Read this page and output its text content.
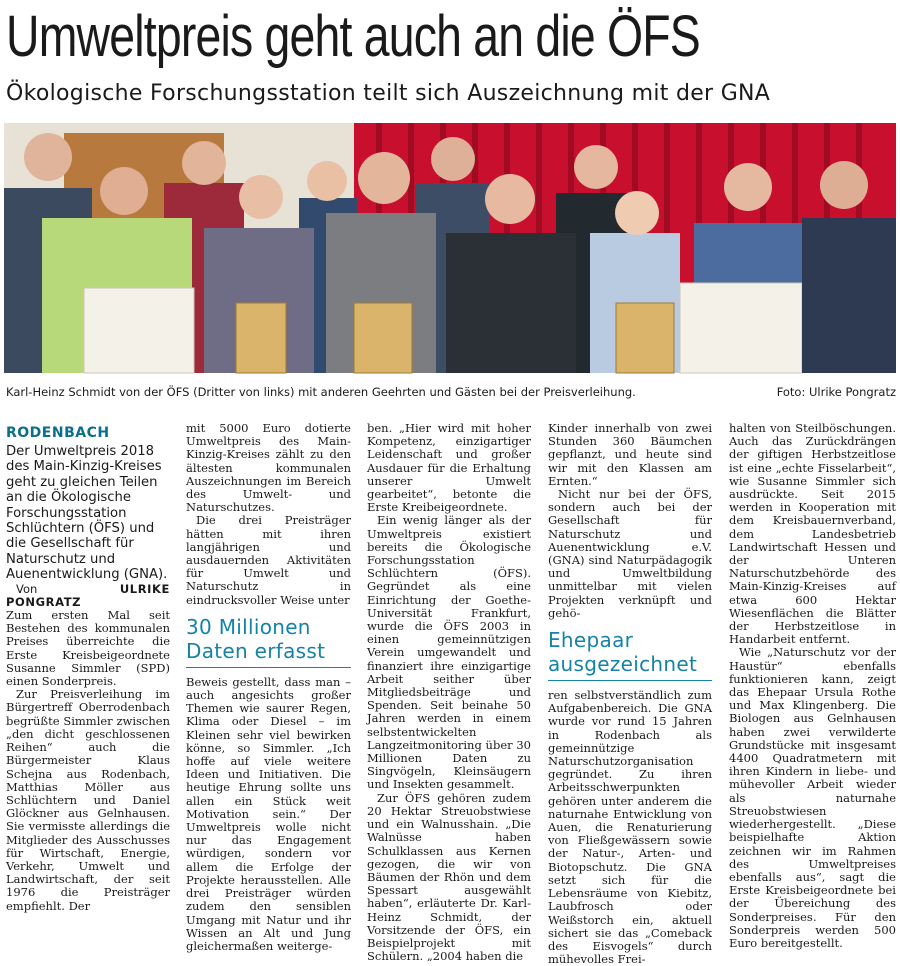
Umweltpreis geht auch an die ÖFS
Ökologische Forschungsstation teilt sich Auszeichnung mit der GNA
Karl-Heinz Schmidt von der ÖFS (Dritter von links) mit anderen Geehrten und Gästen bei der Preisverleihung.	Foto: Ulrike Pongratz
RODENBACH

Der Umweltpreis 2018 des Main-Kinzig-Kreises geht zu gleichen Teilen an die Ökologische Forschungsstation Schlüchtern (ÖFS) und die Gesellschaft für Naturschutz und Auenentwicklung (GNA).

Von	ULRIKE PONGRATZ

Zum ersten Mal seit Bestehen des kommunalen Preises überreichte die Erste Kreisbeigeordnete Susanne Simmler (SPD) einen Sonderpreis.

Zur Preisverleihung im Bürgertreff Oberrodenbach begrüßte Simmler zwischen „den dicht geschlossenen Reihen“ auch die Bürgermeister Klaus Schejna aus Rodenbach, Matthias Möller aus Schlüchtern und Daniel Glöckner aus Gelnhausen. Sie vermisste allerdings die Mitglieder des Ausschusses für Wirtschaft, Energie, Verkehr, Umwelt und Landwirtschaft, der seit 1976 die Preisträger empfiehlt. Der

mit 5000 Euro dotierte Umweltpreis des Main-Kinzig-Kreises zählt zu den ältesten kommunalen Auszeichnungen im Bereich des Umwelt- und Naturschutzes.

Die drei Preisträger hätten mit ihren langjährigen und ausdauernden Aktivitäten für Umwelt und Naturschutz in eindrucksvoller Weise unter

30 Millionen Daten erfasst

Beweis gestellt, dass man – auch angesichts großer Themen wie saurer Regen, Klima oder Diesel – im Kleinen sehr viel bewirken könne, so Simmler. „Ich hoffe auf viele weitere Ideen und Initiativen. Die heutige Ehrung sollte uns allen ein Stück weit Motivation sein.“ Der Umweltpreis wolle nicht nur das Engagement würdigen, sondern vor allem die Erfolge der Projekte herausstellen. Alle drei Preisträger würden zudem den sensiblen Umgang mit Natur und ihr Wissen an Alt und Jung gleichermaßen weiterge-

ben. „Hier wird mit hoher Kompetenz, einzigartiger Leidenschaft und großer Ausdauer für die Erhaltung unserer Umwelt gearbeitet“, betonte die Erste Kreibeigeordnete.

Ein wenig länger als der Umweltpreis existiert bereits die Ökologische Forschungsstation Schlüchtern (ÖFS). Gegründet als eine Einrichtung der Goethe-Universität Frankfurt, wurde die ÖFS 2003 in einen gemeinnützigen Verein umgewandelt und finanziert ihre einzigartige Arbeit seither über Mitgliedsbeiträge und Spenden. Seit beinahe 50 Jahren werden in einem selbstentwickelten Langzeitmonitoring über 30 Millionen Daten zu Singvögeln, Kleinsäugern und Insekten gesammelt.

Zur ÖFS gehören zudem 20 Hektar Streuobstwiese und ein Walnusshain. „Die Walnüsse haben Schulklassen aus Kernen gezogen, die wir von Bäumen der Rhön und dem Spessart ausgewählt haben“, erläuterte Dr. Karl-Heinz Schmidt, der Vorsitzende der ÖFS, ein Beispielprojekt mit Schülern. „2004 haben die

Kinder innerhalb von zwei Stunden 360 Bäumchen gepflanzt, und heute sind wir mit den Klassen am Ernten.“

Nicht nur bei der ÖFS, sondern auch bei der Gesellschaft für Naturschutz und Auenentwicklung e.V. (GNA) sind Naturpädagogik und Umweltbildung unmittelbar mit vielen Projekten verknüpft und gehö-

Ehepaar ausgezeichnet

ren selbstverständlich zum Aufgabenbereich. Die GNA wurde vor rund 15 Jahren in Rodenbach als gemeinnützige Naturschutzorganisation gegründet. Zu ihren Arbeitsschwerpunkten gehören unter anderem die naturnahe Entwicklung von Auen, die Renaturierung von Fließgewässern sowie der Natur-, Arten- und Biotopschutz. Die GNA setzt sich für die Lebensräume von Kiebitz, Laubfrosch oder Weißstorch ein, aktuell sichert sie das „Comeback des Eisvogels“ durch mühevolles Frei-

halten von Steilböschungen. Auch das Zurückdrängen der giftigen Herbstzeitlose ist eine „echte Fisselarbeit“, wie Susanne Simmler sich ausdrückte. Seit 2015 werden in Kooperation mit dem Kreisbauernverband, dem Landesbetrieb Landwirtschaft Hessen und der Unteren Naturschutzbehörde des Main-Kinzig-Kreises auf etwa 600 Hektar Wiesenflächen die Blätter der Herbstzeitlose in Handarbeit entfernt.

Wie „Naturschutz vor der Haustür“ ebenfalls funktionieren kann, zeigt das Ehepaar Ursula Rothe und Max Klingenberg. Die Biologen aus Gelnhausen haben zwei verwilderte Grundstücke mit insgesamt 4400 Quadratmetern mit ihren Kindern in liebe- und mühevoller Arbeit wieder als naturnahe Streuobstwiesen wiederhergestellt. „Diese beispielhafte Aktion zeichnen wir im Rahmen des Umweltpreises ebenfalls aus“, sagt die Erste Kreisbeigeordnete bei der Übereichung des Sonderpreises. Für den Sonderpreis werden 500 Euro bereitgestellt.
